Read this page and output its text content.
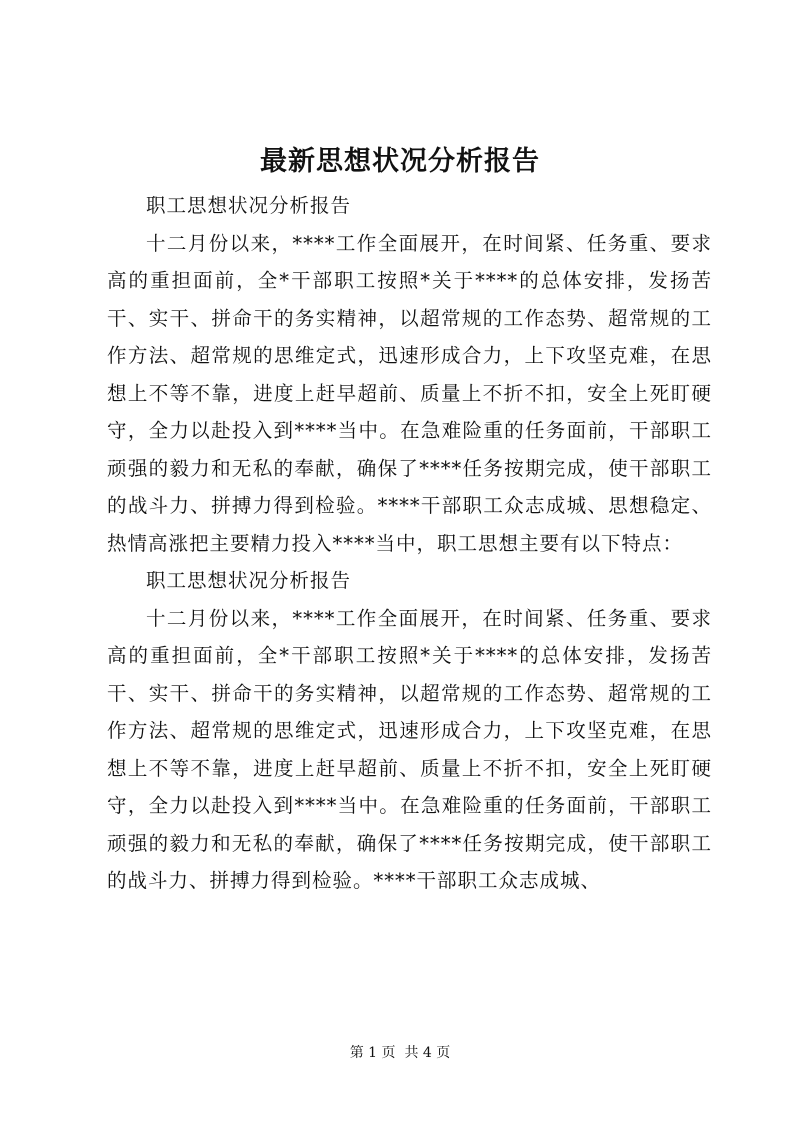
最新思想状况分析报告

职工思想状况分析报告

十二月份以来，****工作全面展开，在时间紧、任务重、要求高的重担面前，全*干部职工按照*关于****的总体安排，发扬苦干、实干、拼命干的务实精神，以超常规的工作态势、超常规的工作方法、超常规的思维定式，迅速形成合力，上下攻坚克难，在思想上不等不靠，进度上赶早超前、质量上不折不扣，安全上死盯硬守，全力以赴投入到****当中。在急难险重的任务面前，干部职工顽强的毅力和无私的奉献，确保了****任务按期完成，使干部职工的战斗力、拼搏力得到检验。****干部职工众志成城、思想稳定、热情高涨把主要精力投入****当中，职工思想主要有以下特点：

职工思想状况分析报告

十二月份以来，****工作全面展开，在时间紧、任务重、要求高的重担面前，全*干部职工按照*关于****的总体安排，发扬苦干、实干、拼命干的务实精神，以超常规的工作态势、超常规的工作方法、超常规的思维定式，迅速形成合力，上下攻坚克难，在思想上不等不靠，进度上赶早超前、质量上不折不扣，安全上死盯硬守，全力以赴投入到****当中。在急难险重的任务面前，干部职工顽强的毅力和无私的奉献，确保了****任务按期完成，使干部职工的战斗力、拼搏力得到检验。****干部职工众志成城、

第 1 页  共 4 页
